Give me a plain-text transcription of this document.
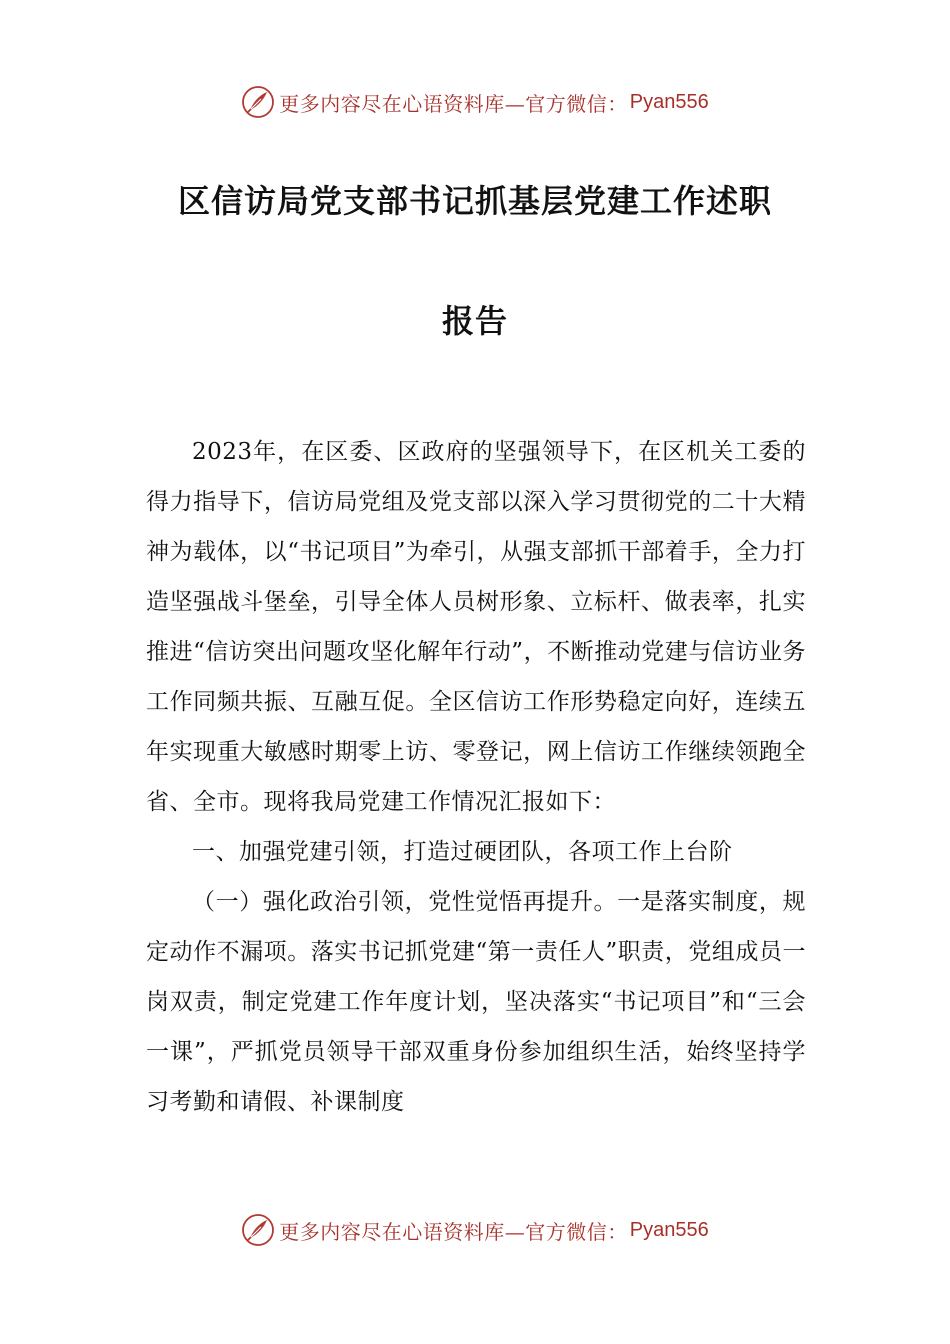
更多内容尽在心语资料库—官方微信： Pyan556
区信访局党支部书记抓基层党建工作述职
报告

2023年，在区委、区政府的坚强领导下，在区机关工委的得力指导下，信访局党组及党支部以深入学习贯彻党的二十大精神为载体，以“书记项目”为牵引，从强支部抓干部着手，全力打造坚强战斗堡垒，引导全体人员树形象、立标杆、做表率，扎实推进“信访突出问题攻坚化解年行动”，不断推动党建与信访业务工作同频共振、互融互促。全区信访工作形势稳定向好，连续五年实现重大敏感时期零上访、零登记，网上信访工作继续领跑全省、全市。现将我局党建工作情况汇报如下：

一、加强党建引领，打造过硬团队，各项工作上台阶

（一）强化政治引领，党性觉悟再提升。一是落实制度，规定动作不漏项。落实书记抓党建“第一责任人”职责，党组成员一岗双责，制定党建工作年度计划，坚决落实“书记项目”和“三会一课”，严抓党员领导干部双重身份参加组织生活，始终坚持学习考勤和请假、补课制度

更多内容尽在心语资料库—官方微信： Pyan556
